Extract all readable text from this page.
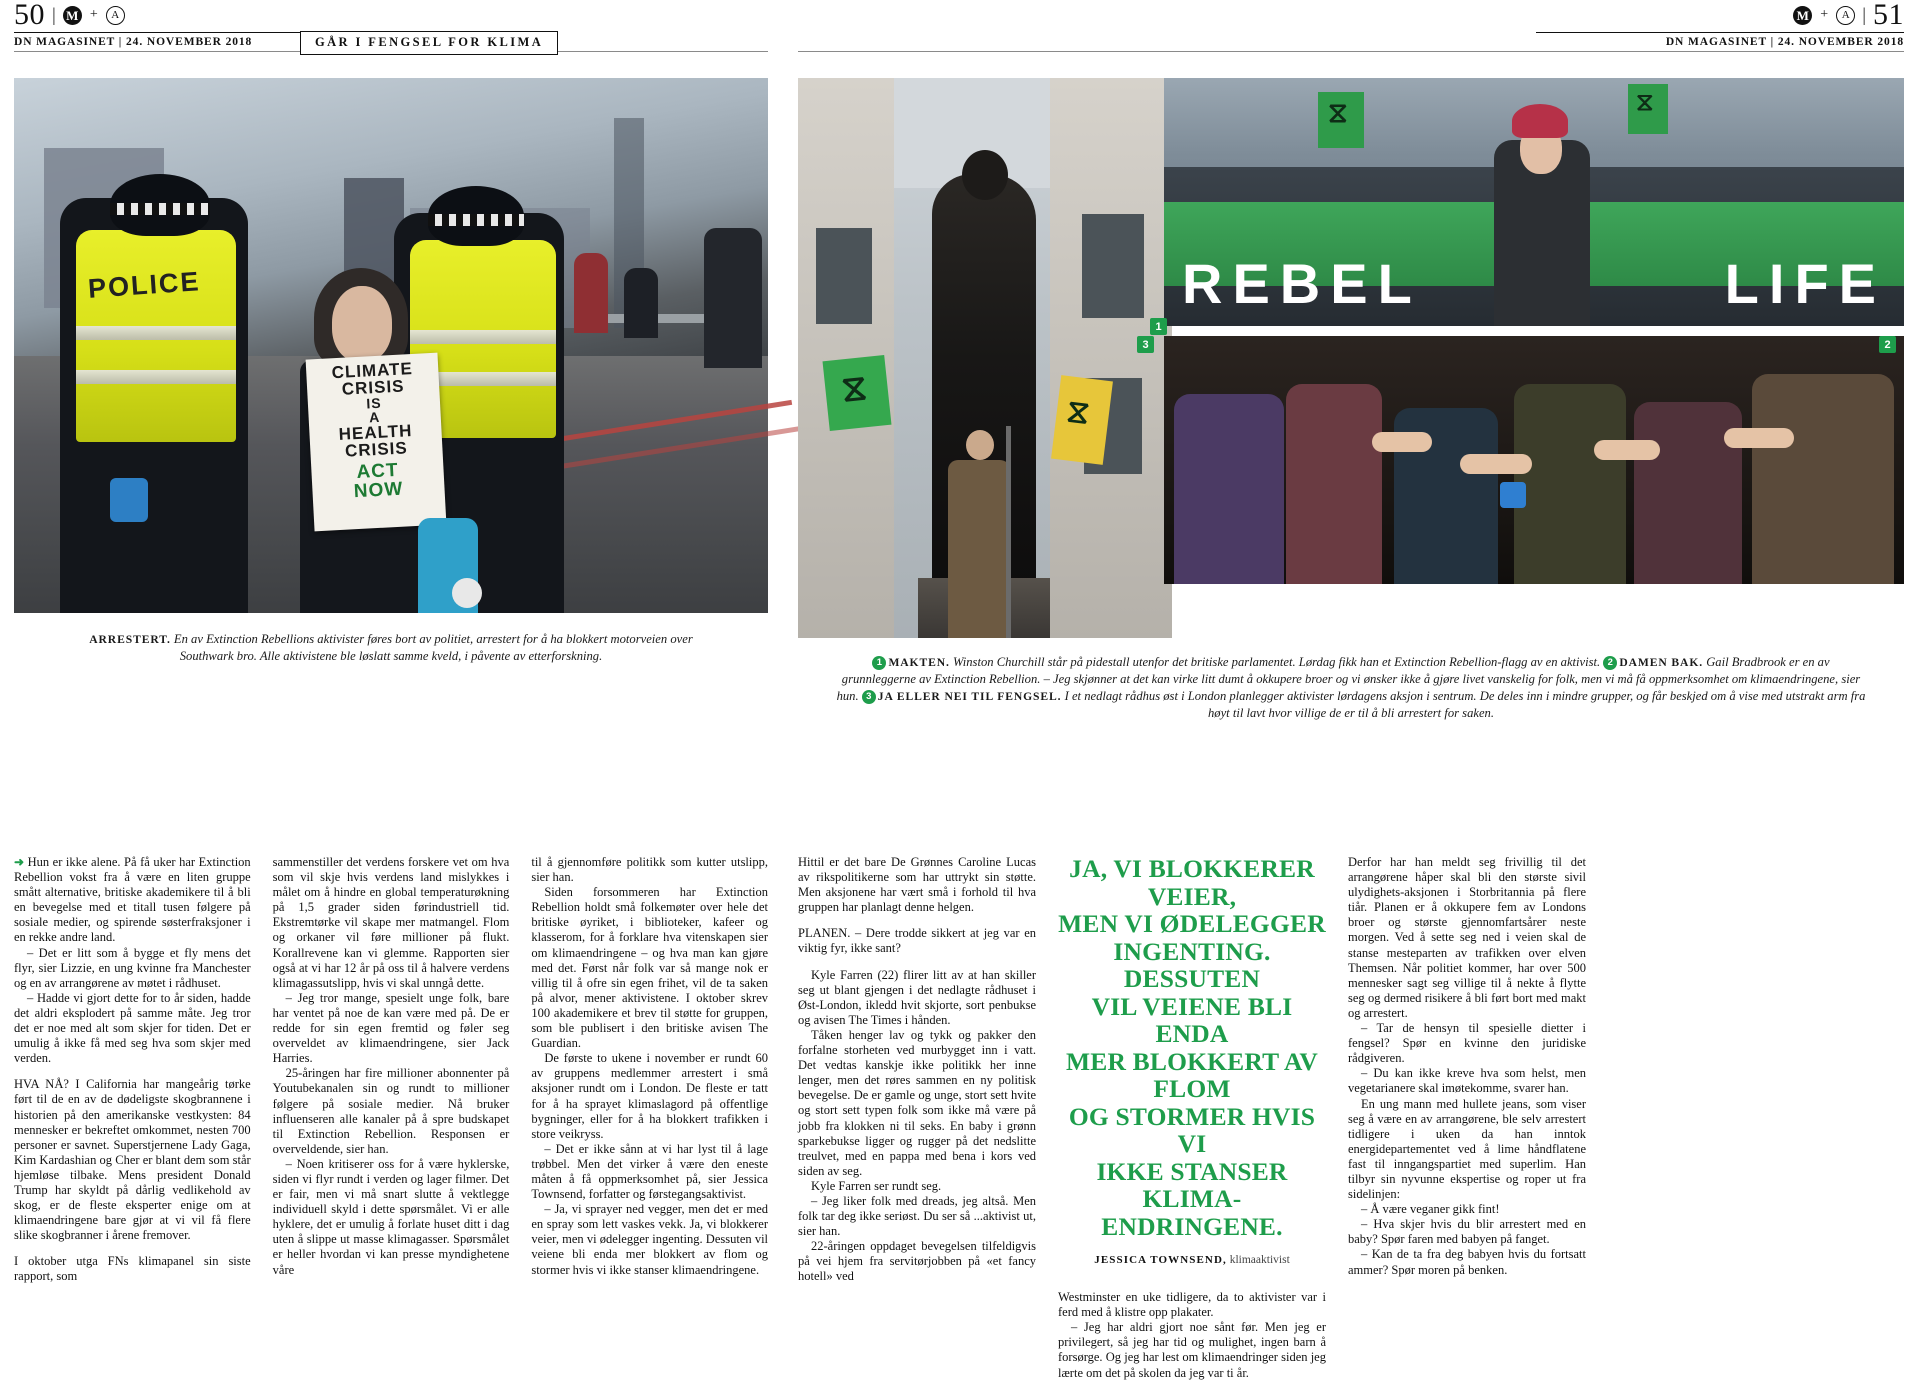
50 | M +	A
DN MAGASINET | 24. NOVEMBER 2018	GÅR I FENGSEL FOR KLIMA
POLICE
CLIMATE
CRISIS
IS
A
HEALTH
CRISIS
ACT
NOW
ARRESTERT. En av Extinction Rebellions aktivister føres bort av politiet, arrestert for å ha blokkert motorveien over Southwark bro. Alle aktivistene ble løslatt samme kveld, i påvente av etterforskning.

➜ Hun er ikke alene. På få uker har Extinction Rebellion vokst fra å være en liten gruppe smått alternative, britiske akademikere til å bli en bevegelse med et titall tusen følgere på sosiale medier, og spirende søsterfraksjoner i en rekke andre land.

– Det er litt som å bygge et fly mens det flyr, sier Lizzie, en ung kvinne fra Manchester og en av arrangørene av møtet i rådhuset.

– Hadde vi gjort dette for to år siden, hadde det aldri eksplodert på samme måte. Jeg tror det er noe med alt som skjer for tiden. Det er umulig å ikke få med seg hva som skjer med verden.

HVA NÅ? I California har mangeårig tørke ført til de en av de dødeligste skogbrannene i historien på den amerikanske vestkysten: 84 mennesker er bekreftet omkommet, nesten 700 personer er savnet. Superstjernene Lady Gaga, Kim Kardashian og Cher er blant dem som står hjemløse tilbake. Mens president Donald Trump har skyldt på dårlig vedlikehold av skog, er de fleste eksperter enige om at klimaendringene bare gjør at vi vil få flere slike skogbranner i årene fremover.

I oktober utga FNs klimapanel sin siste rapport, som

sammenstiller det verdens forskere vet om hva som vil skje hvis verdens land mislykkes i målet om å hindre en global temperaturøkning på 1,5 grader siden førindustriell tid. Ekstremtørke vil skape mer matmangel. Flom og orkaner vil føre millioner på flukt. Korallrevene kan vi glemme. Rapporten sier også at vi har 12 år på oss til å halvere verdens klimagassutslipp, hvis vi skal unngå dette.

– Jeg tror mange, spesielt unge folk, bare har ventet på noe de kan være med på. De er redde for sin egen fremtid og føler seg overveldet av klimaendringene, sier Jack Harries.

25-åringen har fire millioner abonnenter på Youtubekanalen sin og rundt to millioner følgere på sosiale medier. Nå bruker influenseren alle kanaler på å spre budskapet til Extinction Rebellion. Responsen er overveldende, sier han.

– Noen kritiserer oss for å være hyklerske, siden vi flyr rundt i verden og lager filmer. Det er fair, men vi må snart slutte å vektlegge individuell skyld i dette spørsmålet. Vi er alle hyklere, det er umulig å forlate huset ditt i dag uten å slippe ut masse klimagasser. Spørsmålet er heller hvordan vi kan presse myndighetene våre

til å gjennomføre politikk som kutter utslipp, sier han.

Siden forsommeren har Extinction Rebellion holdt små folkemøter over hele det britiske øyriket, i biblioteker, kafeer og klasserom, for å forklare hva vitenskapen sier om klimaendringene – og hva man kan gjøre med det. Først når folk var så mange nok er villig til å ofre sin egen frihet, vil de ta saken på alvor, mener aktivistene. I oktober skrev 100 akademikere et brev til støtte for gruppen, som ble publisert i den britiske avisen The Guardian.

De første to ukene i november er rundt 60 av gruppens medlemmer arrestert i små aksjoner rundt om i London. De fleste er tatt for å ha sprayet klimaslagord på offentlige bygninger, eller for å ha blokkert trafikken i store veikryss.

– Det er ikke sånn at vi har lyst til å lage trøbbel. Men det virker å være den eneste måten å få oppmerksomhet på, sier Jessica Townsend, forfatter og førstegangsaktivist.

– Ja, vi sprayer ned vegger, men det er med en spray som lett vaskes vekk. Ja, vi blokkerer veier, men vi ødelegger ingenting. Dessuten vil veiene bli enda mer blokkert av flom og stormer hvis vi ikke stanser klimaendringene.

M +	A | 51
DN MAGASINET | 24. NOVEMBER 2018
⧖
⧖
1
⧖	⧖
REBEL	LIFE
2
3
1 MAKTEN. Winston Churchill står på pidestall utenfor det britiske parlamentet. Lørdag fikk han et Extinction Rebellion-flagg av en aktivist. 2 DAMEN BAK. Gail Bradbrook er en av grunnleggerne av Extinction Rebellion. – Jeg skjønner at det kan virke litt dumt å okkupere broer og vi ønsker ikke å gjøre livet vanskelig for folk, men vi må få oppmerksomhet om klimaendringene, sier hun. 3 JA ELLER NEI TIL FENGSEL. I et nedlagt rådhus øst i London planlegger aktivister lørdagens aksjon i sentrum. De deles inn i mindre grupper, og får beskjed om å vise med utstrakt arm fra høyt til lavt hvor villige de er til å bli arrestert for saken.

Hittil er det bare De Grønnes Caroline Lucas av rikspolitikerne som har uttrykt sin støtte. Men aksjonene har vært små i forhold til hva gruppen har planlagt denne helgen.

PLANEN. – Dere trodde sikkert at jeg var en viktig fyr, ikke sant?

Kyle Farren (22) flirer litt av at han skiller seg ut blant gjengen i det nedlagte rådhuset i Øst-London, ikledd hvit skjorte, sort penbukse og avisen The Times i hånden.

Tåken henger lav og tykk og pakker den forfalne storheten ved murbygget inn i vatt. Det vedtas kanskje ikke politikk her inne lenger, men det røres sammen en ny politisk bevegelse. De er gamle og unge, stort sett hvite og stort sett typen folk som ikke må være på jobb fra klokken ni til seks. En baby i grønn sparkebukse ligger og rugger på det nedslitte treulvet, med en pappa med bena i kors ved siden av seg.

Kyle Farren ser rundt seg.

– Jeg liker folk med dreads, jeg altså. Men folk tar deg ikke seriøst. Du ser så ...aktivist ut, sier han.

22-åringen oppdaget bevegelsen tilfeldigvis på vei hjem fra servitørjobben på «et fancy hotell» ved

JA, VI BLOKKERER VEIER,
MEN VI ØDELEGGER
INGENTING. DESSUTEN
VIL VEIENE BLI ENDA
MER BLOKKERT AV FLOM
OG STORMER HVIS VI
IKKE STANSER KLIMA-
ENDRINGENE.
JESSICA TOWNSEND, klimaaktivist

Westminster en uke tidligere, da to aktivister var i ferd med å klistre opp plakater.

– Jeg har aldri gjort noe sånt før. Men jeg er privilegert, så jeg har tid og mulighet, ingen barn å forsørge. Og jeg har lest om klimaendringer siden jeg lærte om det på skolen da jeg var ti år.

Derfor har han meldt seg frivillig til det arrangørene håper skal bli den største sivil ulydighets-aksjonen i Storbritannia på flere tiår. Planen er å okkupere fem av Londons broer og største gjennomfartsårer neste morgen. Ved å sette seg ned i veien skal de stanse mesteparten av trafikken over elven Themsen. Når politiet kommer, har over 500 mennesker sagt seg villige til å nekte å flytte seg og dermed risikere å bli ført bort med makt og arrestert.

– Tar de hensyn til spesielle dietter i fengsel? Spør en kvinne den juridiske rådgiveren.

– Du kan ikke kreve hva som helst, men vegetarianere skal imøtekomme, svarer han.

En ung mann med hullete jeans, som viser seg å være en av arrangørene, ble selv arrestert tidligere i uken da han inntok energidepartementet ved å lime håndflatene fast til inngangspartiet med superlim. Han tilbyr sin nyvunne ekspertise og roper ut fra sidelinjen:

– Å være veganer gikk fint!

– Hva skjer hvis du blir arrestert med en baby? Spør faren med babyen på fanget.

– Kan de ta fra deg babyen hvis du fortsatt ammer? Spør moren på benken.
